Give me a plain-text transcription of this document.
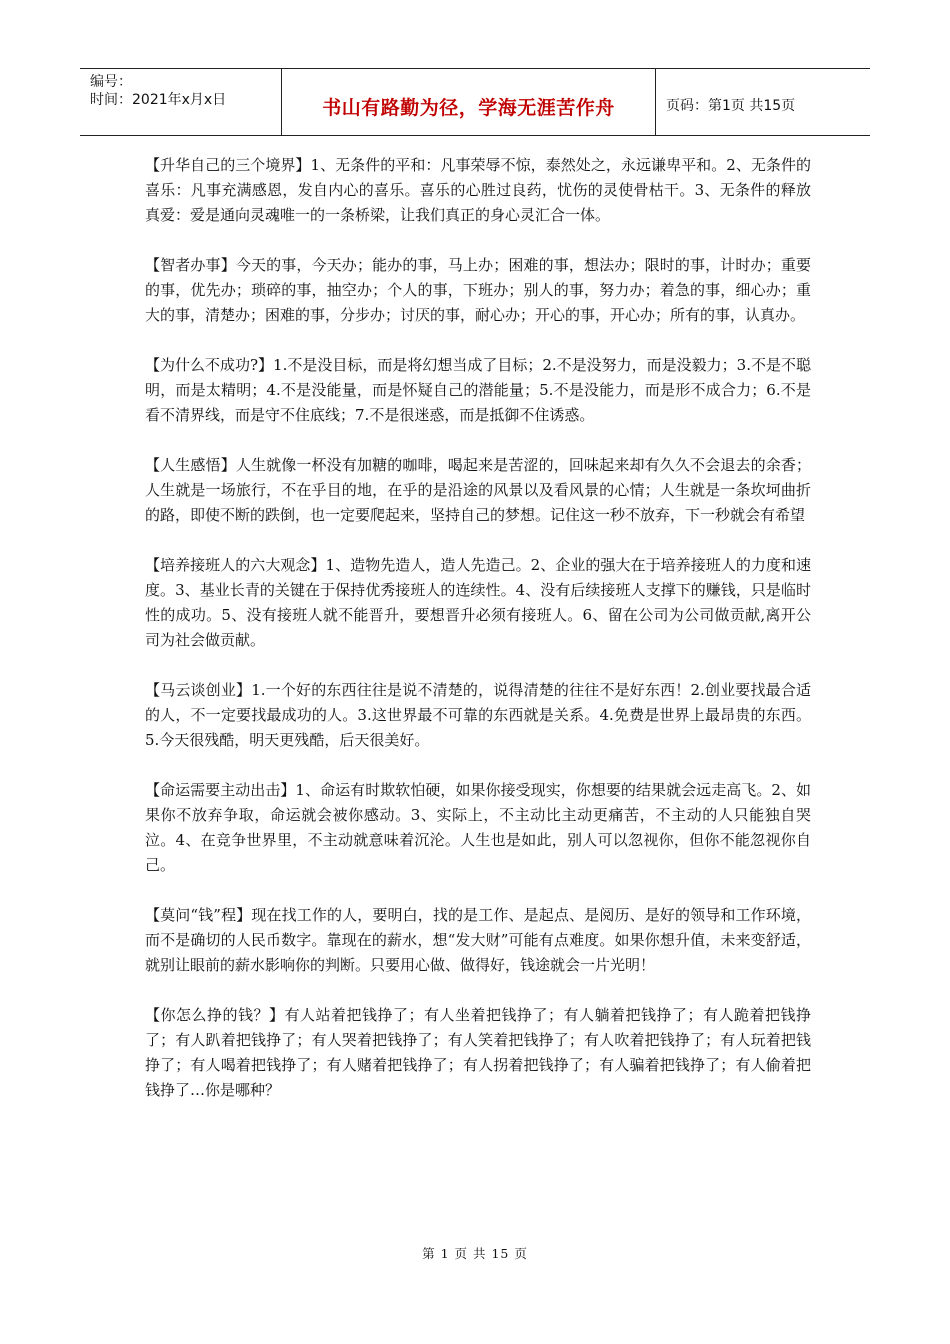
编号：
时间：2021年x月x日	书山有路勤为径，学海无涯苦作舟	页码：第1页 共15页

【升华自己的三个境界】1、无条件的平和：凡事荣辱不惊，泰然处之，永远谦卑平和。2、无条件的喜乐：凡事充满感恩，发自内心的喜乐。喜乐的心胜过良药，忧伤的灵使骨枯干。3、无条件的释放真爱：爱是通向灵魂唯一的一条桥梁，让我们真正的身心灵汇合一体。

【智者办事】今天的事，今天办；能办的事，马上办；困难的事，想法办；限时的事，计时办；重要的事，优先办；琐碎的事，抽空办；个人的事，下班办；别人的事，努力办；着急的事，细心办；重大的事，清楚办；困难的事，分步办；讨厌的事，耐心办；开心的事，开心办；所有的事，认真办。

【为什么不成功?】1.不是没目标，而是将幻想当成了目标；2.不是没努力，而是没毅力；3.不是不聪明，而是太精明；4.不是没能量，而是怀疑自己的潜能量；5.不是没能力，而是形不成合力；6.不是看不清界线，而是守不住底线；7.不是很迷惑，而是抵御不住诱惑。

【人生感悟】人生就像一杯没有加糖的咖啡，喝起来是苦涩的，回味起来却有久久不会退去的余香；人生就是一场旅行，不在乎目的地，在乎的是沿途的风景以及看风景的心情；人生就是一条坎坷曲折的路，即使不断的跌倒，也一定要爬起来，坚持自己的梦想。记住这一秒不放弃，下一秒就会有希望

【培养接班人的六大观念】1、造物先造人，造人先造己。2、企业的强大在于培养接班人的力度和速度。3、基业长青的关键在于保持优秀接班人的连续性。4、没有后续接班人支撑下的赚钱，只是临时性的成功。5、没有接班人就不能晋升，要想晋升必须有接班人。6、留在公司为公司做贡献,离开公司为社会做贡献。

【马云谈创业】1.一个好的东西往往是说不清楚的，说得清楚的往往不是好东西！2.创业要找最合适的人，不一定要找最成功的人。3.这世界最不可靠的东西就是关系。4.免费是世界上最昂贵的东西。5.今天很残酷，明天更残酷，后天很美好。

【命运需要主动出击】1、命运有时欺软怕硬，如果你接受现实，你想要的结果就会远走高飞。2、如果你不放弃争取，命运就会被你感动。3、实际上，不主动比主动更痛苦，不主动的人只能独自哭泣。4、在竞争世界里，不主动就意味着沉沦。人生也是如此，别人可以忽视你，但你不能忽视你自己。

【莫问“钱”程】现在找工作的人，要明白，找的是工作、是起点、是阅历、是好的领导和工作环境，而不是确切的人民币数字。靠现在的薪水，想“发大财”可能有点难度。如果你想升值，未来变舒适，就别让眼前的薪水影响你的判断。只要用心做、做得好，钱途就会一片光明！

【你怎么挣的钱？】有人站着把钱挣了；有人坐着把钱挣了；有人躺着把钱挣了；有人跪着把钱挣了；有人趴着把钱挣了；有人哭着把钱挣了；有人笑着把钱挣了；有人吹着把钱挣了；有人玩着把钱挣了；有人喝着把钱挣了；有人赌着把钱挣了；有人拐着把钱挣了；有人骗着把钱挣了；有人偷着把钱挣了…你是哪种？

第 1 页 共 15 页
